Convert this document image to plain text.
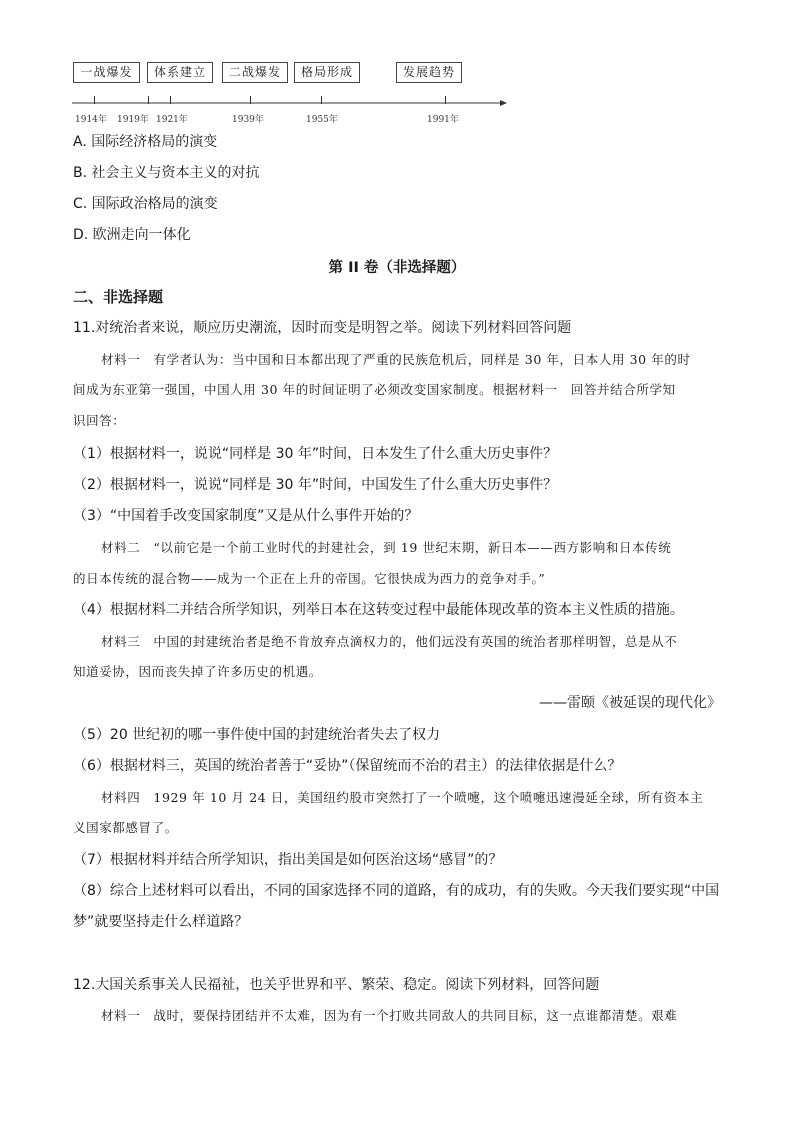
一战爆发	体系建立	二战爆发	格局形成	发展趋势
1914年 1919年 1921年	1939年	1955年	1991年
A. 国际经济格局的演变
B. 社会主义与资本主义的对抗
C. 国际政治格局的演变
D. 欧洲走向一体化
第 II 卷（非选择题）
二、非选择题
11.对统治者来说，顺应历史潮流，因时而变是明智之举。阅读下列材料回答问题
材料一　有学者认为：当中国和日本都出现了严重的民族危机后，同样是 30 年，日本人用 30 年的时
间成为东亚第一强国，中国人用 30 年的时间证明了必须改变国家制度。根据材料一　回答并结合所学知
识回答：
（1）根据材料一，说说“同样是 30 年”时间，日本发生了什么重大历史事件？
（2）根据材料一，说说“同样是 30 年”时间，中国发生了什么重大历史事件？
（3）“中国着手改变国家制度”又是从什么事件开始的？
材料二　“以前它是一个前工业时代的封建社会，到 19 世纪末期，新日本——西方影响和日本传统
的日本传统的混合物——成为一个正在上升的帝国。它很快成为西力的竞争对手。”
（4）根据材料二并结合所学知识，列举日本在这转变过程中最能体现改革的资本主义性质的措施。
材料三　中国的封建统治者是绝不肯放弃点滴权力的，他们远没有英国的统治者那样明智，总是从不
知道妥协，因而丧失掉了许多历史的机遇。
——雷颐《被延误的现代化》
（5）20 世纪初的哪一事件使中国的封建统治者失去了权力
（6）根据材料三，英国的统治者善于“妥协”（保留统而不治的君主）的法律依据是什么？
材料四　1929 年 10 月 24 日，美国纽约股市突然打了一个喷嚏，这个喷嚏迅速漫延全球，所有资本主
义国家都感冒了。
（7）根据材料并结合所学知识，指出美国是如何医治这场“感冒”的？
（8）综合上述材料可以看出，不同的国家选择不同的道路，有的成功，有的失败。今天我们要实现“中国
梦”就要坚持走什么样道路？
12.大国关系事关人民福祉，也关乎世界和平、繁荣、稳定。阅读下列材料，回答问题
材料一　战时，要保持团结并不太难，因为有一个打败共同敌人的共同目标，这一点谁都清楚。艰难
